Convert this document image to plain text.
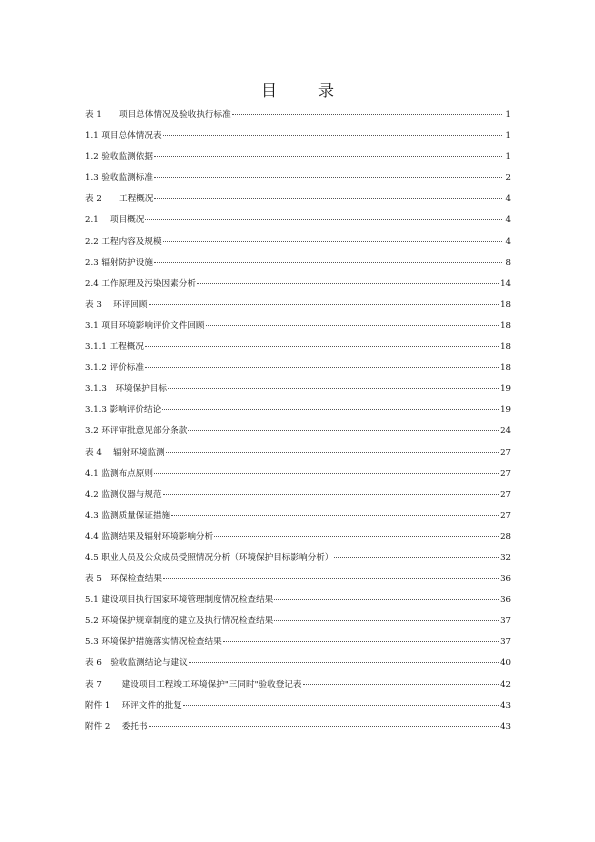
目 录
表 1　　项目总体情况及验收执行标准	1
1.1 项目总体情况表	1
1.2 验收监测依据	1
1.3 验收监测标准	2
表 2　　工程概况	4
2.1　 项目概况	4
2.2 工程内容及规模	4
2.3 辐射防护设施	8
2.4 工作原理及污染因素分析	14
表 3　 环评回顾	18
3.1 项目环境影响评价文件回顾	18
3.1.1 工程概况	18
3.1.2 评价标准	18
3.1.3　环境保护目标	19
3.1.3 影响评价结论	19
3.2 环评审批意见部分条款	24
表 4　 辐射环境监测	27
4.1 监测布点原则	27
4.2 监测仪器与规范	27
4.3 监测质量保证措施	27
4.4 监测结果及辐射环境影响分析	28
4.5 职业人员及公众成员受照情况分析（环境保护目标影响分析）	32
表 5　环保检查结果	36
5.1 建设项目执行国家环境管理制度情况检查结果	36
5.2 环境保护规章制度的建立及执行情况检查结果	37
5.3 环境保护措施落实情况检查结果	37
表 6　验收监测结论与建议	40
表 7　　 建设项目工程竣工环境保护"三同时"验收登记表	42
附件 1　 环评文件的批复	43
附件 2　 委托书	43
